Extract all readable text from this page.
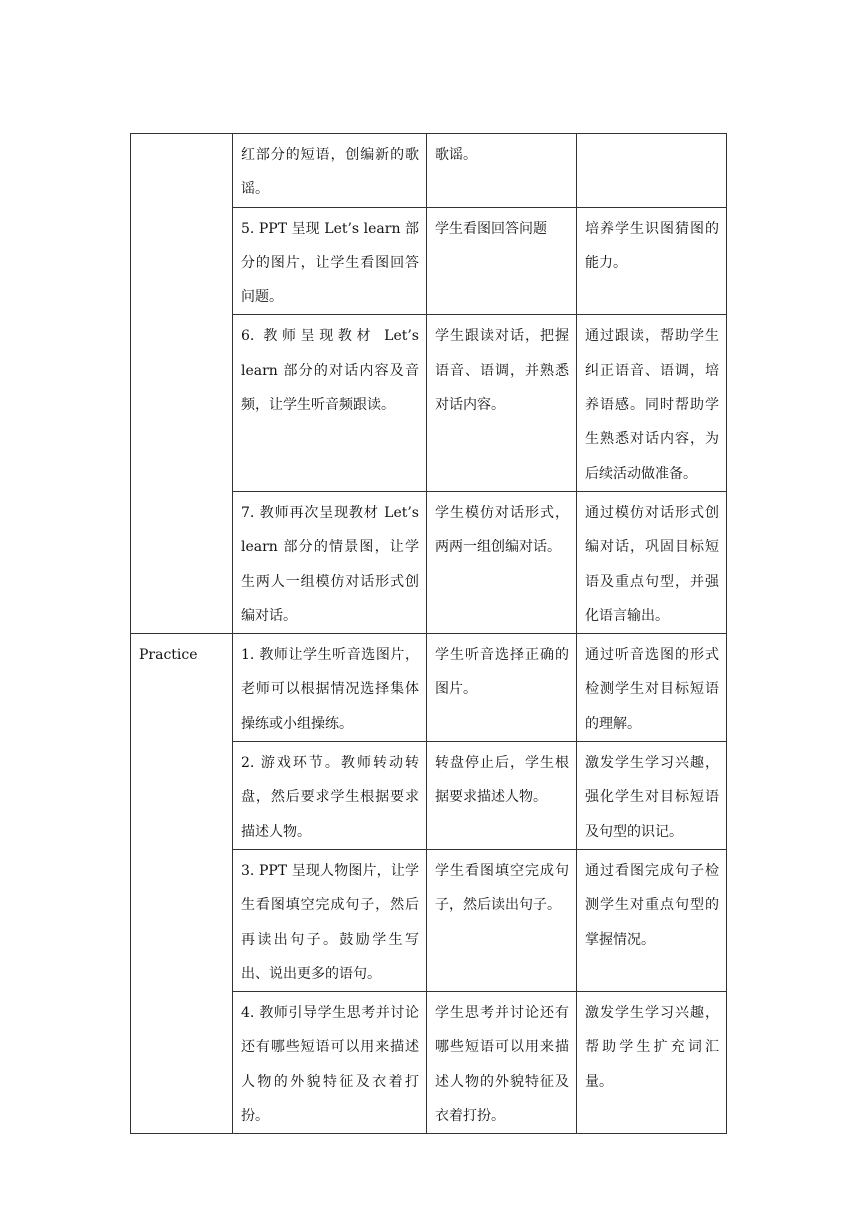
	红部分的短语，创编新的歌谣。	歌谣。	
	5. PPT 呈现 Let’s learn 部分的图片，让学生看图回答问题。	学生看图回答问题	培养学生识图猜图的能力。
	6. 教师呈现教材 Let’s learn 部分的对话内容及音频，让学生听音频跟读。	学生跟读对话，把握语音、语调，并熟悉对话内容。	通过跟读，帮助学生纠正语音、语调，培养语感。同时帮助学生熟悉对话内容，为后续活动做准备。
	7. 教师再次呈现教材 Let’s learn 部分的情景图，让学生两人一组模仿对话形式创编对话。	学生模仿对话形式，两两一组创编对话。	通过模仿对话形式创编对话，巩固目标短语及重点句型，并强化语言输出。
Practice	1. 教师让学生听音选图片，老师可以根据情况选择集体操练或小组操练。	学生听音选择正确的图片。	通过听音选图的形式检测学生对目标短语的理解。
	2. 游戏环节。教师转动转盘，然后要求学生根据要求描述人物。	转盘停止后，学生根据要求描述人物。	激发学生学习兴趣，强化学生对目标短语及句型的识记。
	3. PPT 呈现人物图片，让学生看图填空完成句子，然后再读出句子。鼓励学生写出、说出更多的语句。	学生看图填空完成句子，然后读出句子。	通过看图完成句子检测学生对重点句型的掌握情况。
	4. 教师引导学生思考并讨论还有哪些短语可以用来描述人物的外貌特征及衣着打扮。	学生思考并讨论还有哪些短语可以用来描述人物的外貌特征及衣着打扮。	激发学生学习兴趣，帮助学生扩充词汇量。
